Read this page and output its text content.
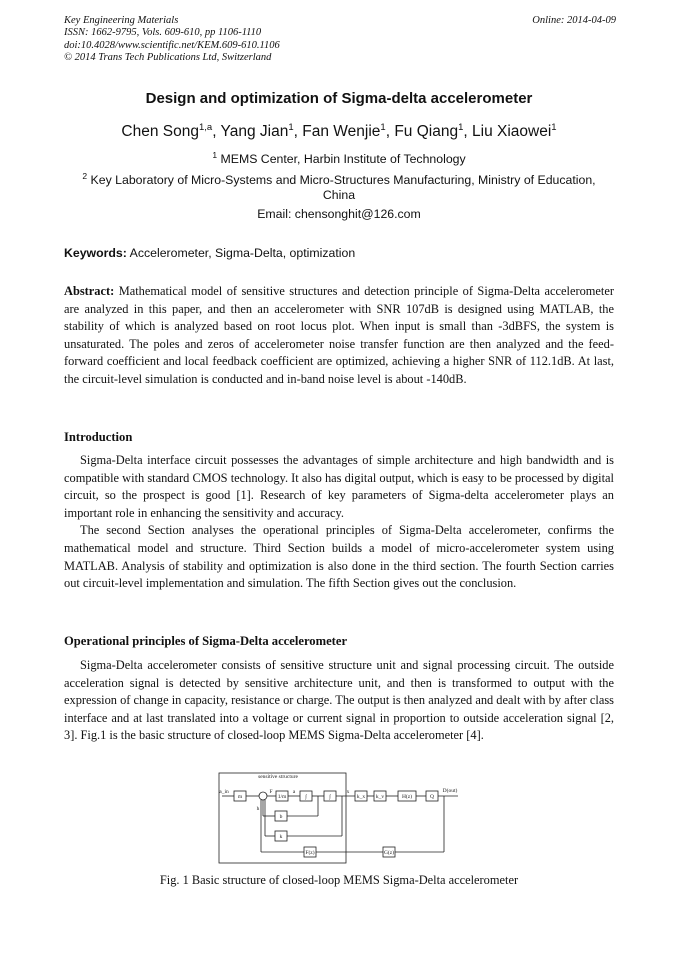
Key Engineering Materials
ISSN: 1662-9795, Vols. 609-610, pp 1106-1110
doi:10.4028/www.scientific.net/KEM.609-610.1106
© 2014 Trans Tech Publications Ltd, Switzerland
Online: 2014-04-09
Design and optimization of Sigma-delta accelerometer
Chen Song$^{1,a}$, Yang Jian$^1$, Fan Wenjie$^1$, Fu Qiang$^1$, Liu Xiaowei$^1$
$^1$ MEMS Center, Harbin Institute of Technology
$^2$ Key Laboratory of Micro-Systems and Micro-Structures Manufacturing, Ministry of Education, China
Email: chensonghit@126.com
Keywords: Accelerometer, Sigma-Delta, optimization

Abstract: Mathematical model of sensitive structures and detection principle of Sigma-Delta accelerometer are analyzed in this paper, and then an accelerometer with SNR 107dB is designed using MATLAB, the stability of which is analyzed based on root locus plot. When input is small than -3dBFS, the system is unsaturated. The poles and zeros of accelerometer noise transfer function are then analyzed and the feed-forward coefficient and local feedback coefficient are optimized, achieving a higher SNR of 112.1dB. At last, the circuit-level simulation is conducted and in-band noise level is about -140dB.

Introduction

Sigma-Delta interface circuit possesses the advantages of simple architecture and high bandwidth and is compatible with standard CMOS technology. It also has digital output, which is easy to be processed by digital circuit, so the prospect is good [1]. Research of key parameters of Sigma-delta accelerometer plays an important role in enhancing the sensitivity and accuracy.

The second Section analyses the operational principles of Sigma-Delta accelerometer, confirms the mathematical model and structure. Third Section builds a model of micro-accelerometer system using MATLAB. Analysis of stability and optimization is also done in the third section. The fourth Section carries out circuit-level implementation and simulation. The fifth Section gives out the conclusion.

Operational principles of Sigma-Delta accelerometer

Sigma-Delta accelerometer consists of sensitive structure unit and signal processing circuit. The outside acceleration signal is detected by sensitive architecture unit, and then is transformed to output with the expression of change in capacity, resistance or charge. The output is then analyzed and dealt with by after class interface and at last translated into a voltage or current signal in proportion to outside acceleration signal [2, 3]. Fig.1 is the basic structure of closed-loop MEMS Sigma-Delta accelerometer [4].

sensitive structure
a_in
m
F
1/m
a
∫	∫
x
k_x k_v
b
k
H(z)	Q
D(out)
F(z)	G(z)
h
Fig. 1 Basic structure of closed-loop MEMS Sigma-Delta accelerometer
